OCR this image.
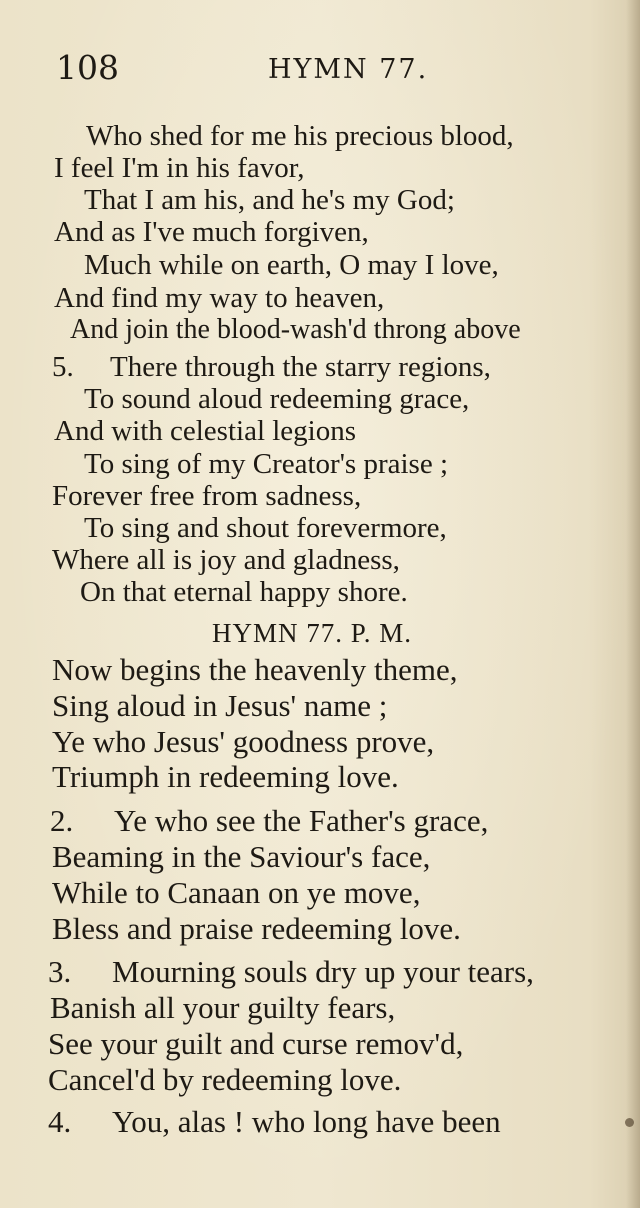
108	HYMN 77.
Who shed for me his precious blood,
I feel I'm in his favor,
That I am his, and he's my God;
And as I've much forgiven,
Much while on earth, O may I love,
And find my way to heaven,
And join the blood-wash'd throng above
5. There through the starry regions,
To sound aloud redeeming grace,
And with celestial legions
To sing of my Creator's praise ;
Forever free from sadness,
To sing and shout forevermore,
Where all is joy and gladness,
On that eternal happy shore.
HYMN 77. P. M.
Now begins the heavenly theme,
Sing aloud in Jesus' name ;
Ye who Jesus' goodness prove,
Triumph in redeeming love.
2. Ye who see the Father's grace,
Beaming in the Saviour's face,
While to Canaan on ye move,
Bless and praise redeeming love.
3. Mourning souls dry up your tears,
Banish all your guilty fears,
See your guilt and curse remov'd,
Cancel'd by redeeming love.
4. You, alas ! who long have been
